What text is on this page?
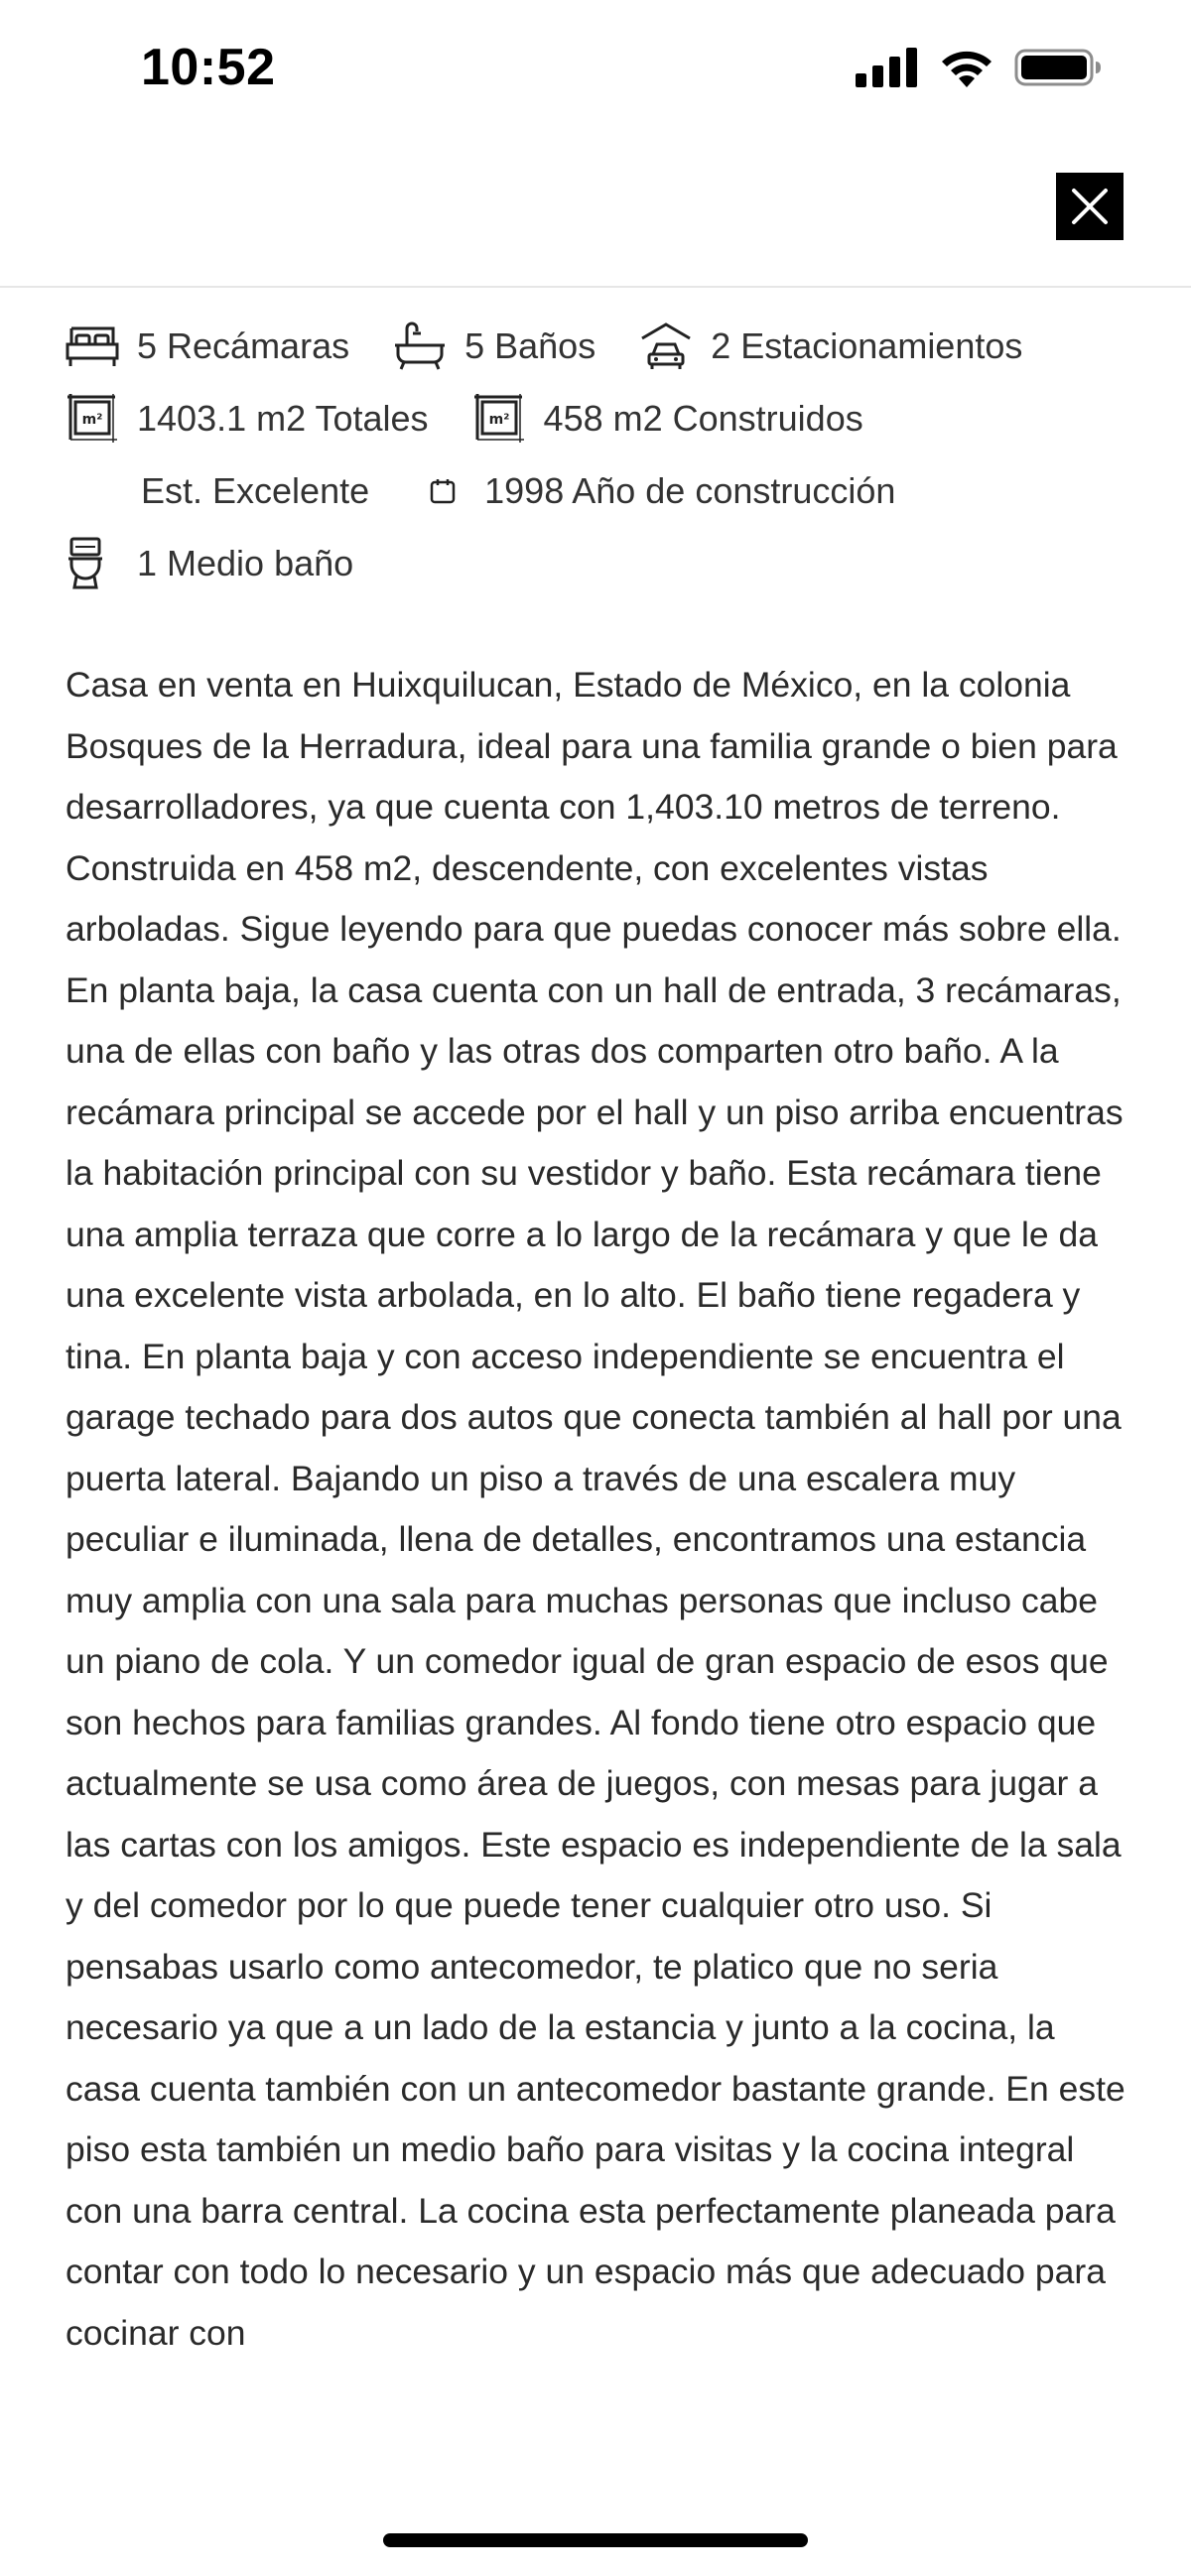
10:52
5 Recámaras	5 Baños	2 Estacionamientos
m² 1403.1 m2 Totales	m² 458 m2 Construidos
Est. Excelente	1998 Año de construcción
1 Medio baño

Casa en venta en Huixquilucan, Estado de México, en la colonia Bosques de la Herradura, ideal para una familia grande o bien para desarrolladores, ya que cuenta con 1,403.10 metros de terreno. Construida en 458 m2, descendente, con excelentes vistas arboladas. Sigue leyendo para que puedas conocer más sobre ella.

En planta baja, la casa cuenta con un hall de entrada, 3 recámaras, una de ellas con baño y las otras dos comparten otro baño. A la recámara principal se accede por el hall y un piso arriba encuentras la habitación principal con su vestidor y baño. Esta recámara tiene una amplia terraza que corre a lo largo de la recámara y que le da una excelente vista arbolada, en lo alto. El baño tiene regadera y tina. En planta baja y con acceso independiente se encuentra el garage techado para dos autos que conecta también al hall por una puerta lateral. Bajando un piso a través de una escalera muy peculiar e iluminada, llena de detalles, encontramos una estancia muy amplia con una sala para muchas personas que incluso cabe un piano de cola. Y un comedor igual de gran espacio de esos que son hechos para familias grandes. Al fondo tiene otro espacio que actualmente se usa como área de juegos, con mesas para jugar a las cartas con los amigos. Este espacio es independiente de la sala y del comedor por lo que puede tener cualquier otro uso. Si pensabas usarlo como antecomedor, te platico que no seria necesario ya que a un lado de la estancia y junto a la cocina, la casa cuenta también con un antecomedor bastante grande. En este piso esta también un medio baño para visitas y la cocina integral con una barra central. La cocina esta perfectamente planeada para contar con todo lo necesario y un espacio más que adecuado para cocinar con
